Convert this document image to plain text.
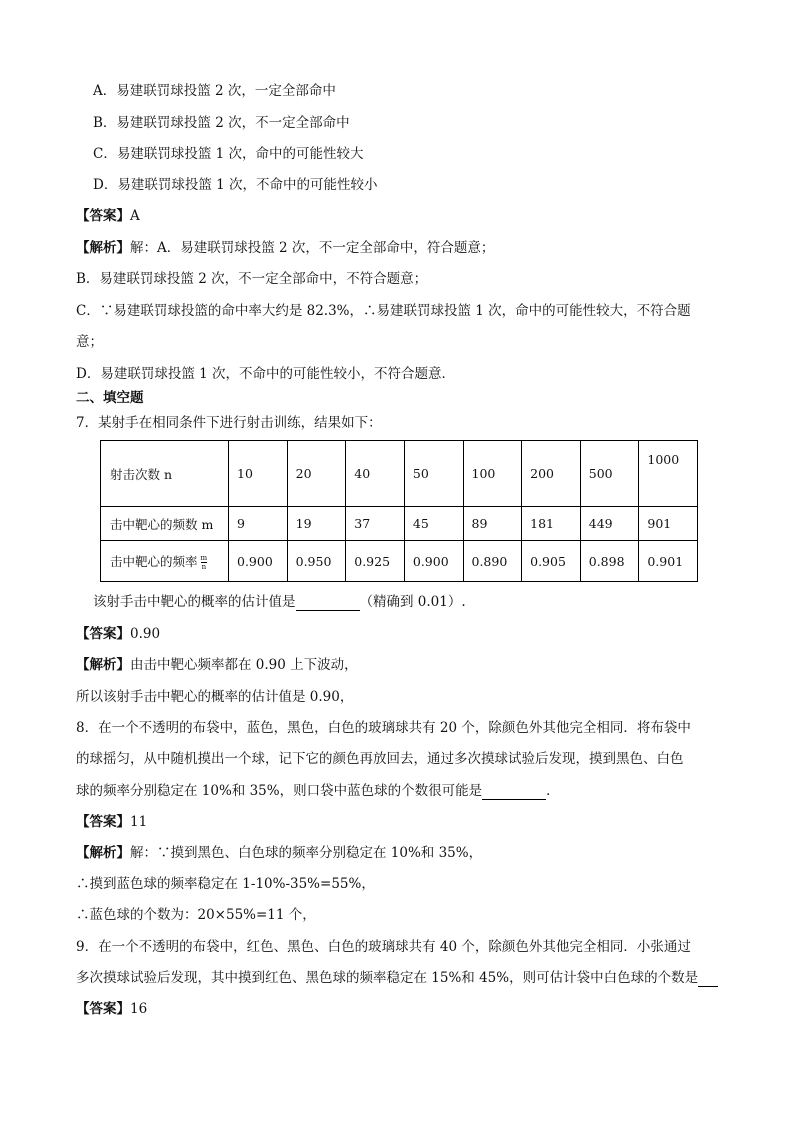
A．易建联罚球投篮 2 次，一定全部命中
B．易建联罚球投篮 2 次，不一定全部命中
C．易建联罚球投篮 1 次，命中的可能性较大
D．易建联罚球投篮 1 次，不命中的可能性较小
【答案】A
【解析】解：A．易建联罚球投篮 2 次，不一定全部命中，符合题意；
B．易建联罚球投篮 2 次，不一定全部命中，不符合题意；
C．∵易建联罚球投篮的命中率大约是 82.3%，∴易建联罚球投篮 1 次，命中的可能性较大，不符合题
意；
D．易建联罚球投篮 1 次，不命中的可能性较小，不符合题意．
二、填空题
7．某射手在相同条件下进行射击训练，结果如下：
射击次数 n	10	20	40	50	100	200	500	1000
击中靶心的频数 m	9	19	37	45	89	181	449	901
击中靶心的频率 $\frac{m}{n}$	0.900	0.950	0.925	0.900	0.890	0.905	0.898	0.901
该射手击中靶心的概率的估计值是	（精确到 0.01）.
【答案】0.90
【解析】由击中靶心频率都在 0.90 上下波动，
所以该射手击中靶心的概率的估计值是 0.90，
8．在一个不透明的布袋中，蓝色，黑色，白色的玻璃球共有 20 个，除颜色外其他完全相同．将布袋中
的球摇匀，从中随机摸出一个球，记下它的颜色再放回去，通过多次摸球试验后发现，摸到黑色、白色
球的频率分别稳定在 10%和 35%，则口袋中蓝色球的个数很可能是	．
【答案】11
【解析】解：∵摸到黑色、白色球的频率分别稳定在 10%和 35%，
∴摸到蓝色球的频率稳定在 1-10%-35%=55%，
∴蓝色球的个数为：20×55%=11 个，
9．在一个不透明的布袋中，红色、黑色、白色的玻璃球共有 40 个，除颜色外其他完全相同．小张通过
多次摸球试验后发现，其中摸到红色、黑色球的频率稳定在 15%和 45%，则可估计袋中白色球的个数是
【答案】16
